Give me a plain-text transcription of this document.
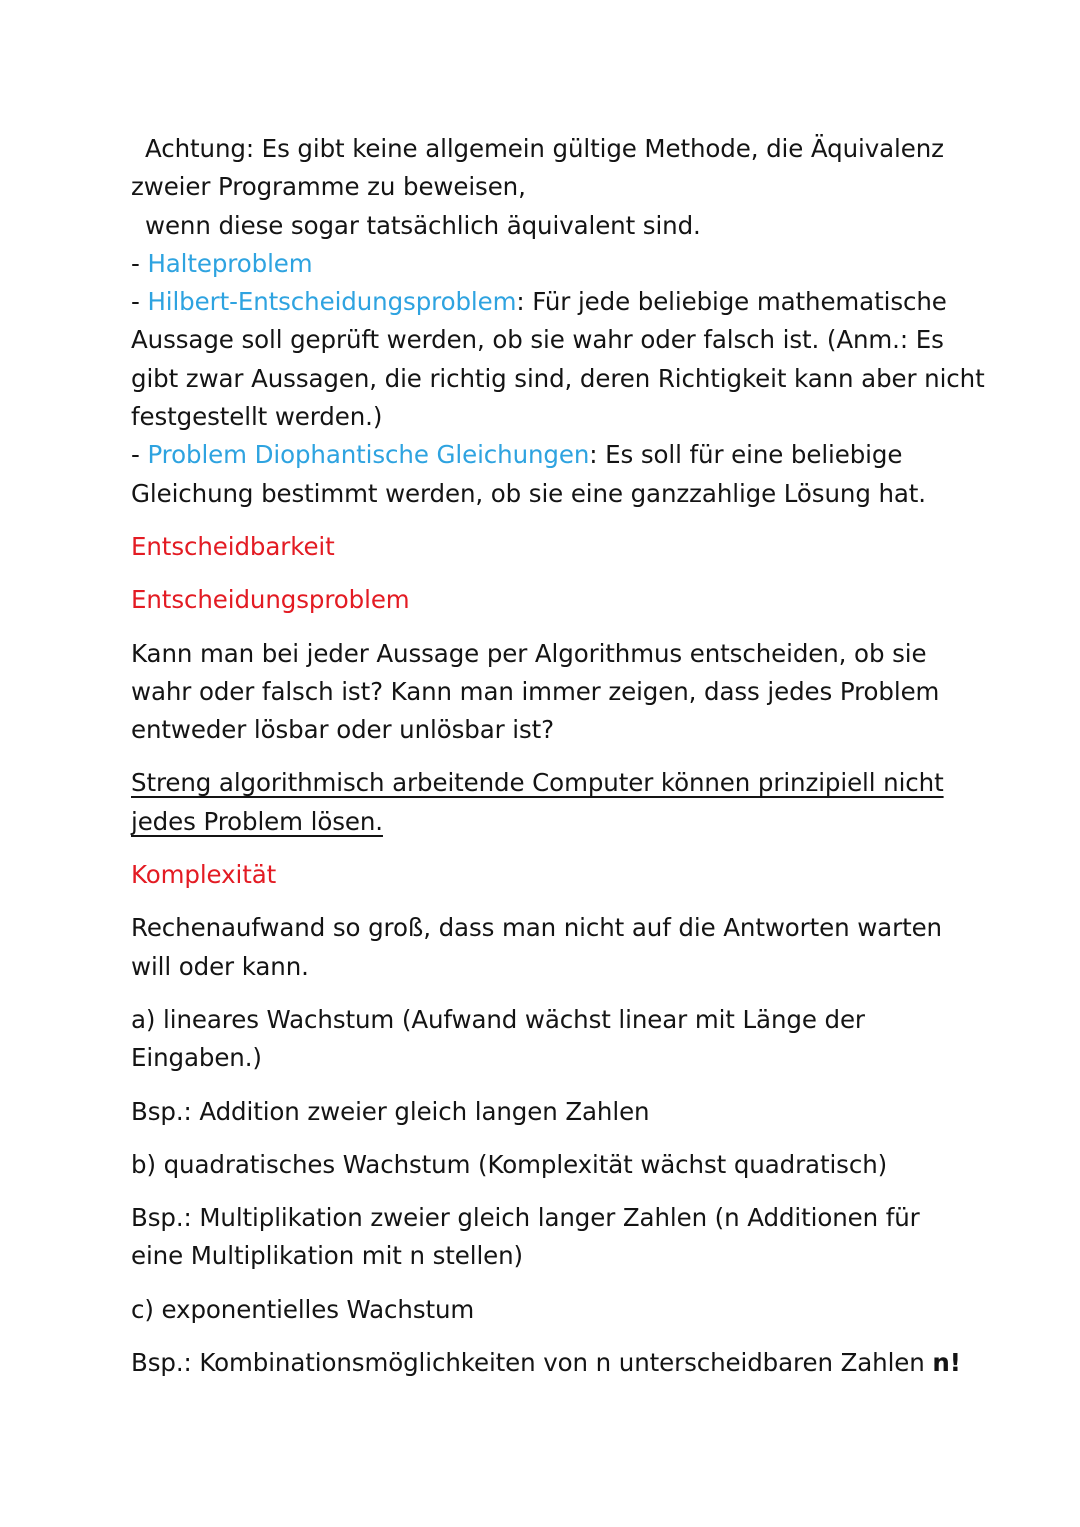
Achtung: Es gibt keine allgemein gültige Methode, die Äquivalenz
zweier Programme zu beweisen,
wenn diese sogar tatsächlich äquivalent sind.
- Halteproblem
- Hilbert-Entscheidungsproblem: Für jede beliebige mathematische
Aussage soll geprüft werden, ob sie wahr oder falsch ist. (Anm.: Es
gibt zwar Aussagen, die richtig sind, deren Richtigkeit kann aber nicht
festgestellt werden.)
- Problem Diophantische Gleichungen: Es soll für eine beliebige
Gleichung bestimmt werden, ob sie eine ganzzahlige Lösung hat.
Entscheidbarkeit
Entscheidungsproblem
Kann man bei jeder Aussage per Algorithmus entscheiden, ob sie
wahr oder falsch ist? Kann man immer zeigen, dass jedes Problem
entweder lösbar oder unlösbar ist?
Streng algorithmisch arbeitende Computer können prinzipiell nicht
jedes Problem lösen.
Komplexität
Rechenaufwand so groß, dass man nicht auf die Antworten warten
will oder kann.
a) lineares Wachstum (Aufwand wächst linear mit Länge der
Eingaben.)
Bsp.: Addition zweier gleich langen Zahlen
b) quadratisches Wachstum (Komplexität wächst quadratisch)
Bsp.: Multiplikation zweier gleich langer Zahlen (n Additionen für
eine Multiplikation mit n stellen)
c) exponentielles Wachstum
Bsp.: Kombinationsmöglichkeiten von n unterscheidbaren Zahlen n!
